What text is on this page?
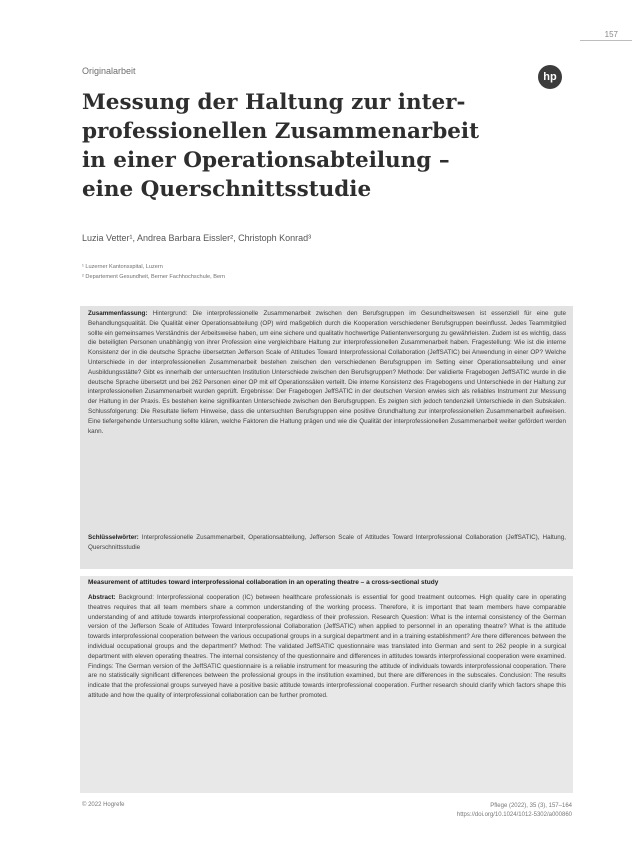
157
Originalarbeit	hp
Messung der Haltung zur inter-
professionellen Zusammenarbeit
in einer Operationsabteilung –
eine Querschnittsstudie
Luzia Vetter¹, Andrea Barbara Eissler², Christoph Konrad³
¹ Luzerner Kantonsspital, Luzern
² Departement Gesundheit, Berner Fachhochschule, Bern

Zusammenfassung: Hintergrund: Die interprofessionelle Zusammenarbeit zwischen den Berufsgruppen im Gesundheitswesen ist essenziell für eine gute Behandlungsqualität. Die Qualität einer Operationsabteilung (OP) wird maßgeblich durch die Kooperation verschiedener Berufsgruppen beeinflusst. Jedes Teammitglied sollte ein gemeinsames Verständnis der Arbeitsweise haben, um eine sichere und qualitativ hochwertige Patientenversorgung zu gewährleisten. Zudem ist es wichtig, dass die beteiligten Personen unabhängig von ihrer Profession eine vergleichbare Haltung zur interprofessionellen Zusammenarbeit haben. Fragestellung: Wie ist die interne Konsistenz der in die deutsche Sprache übersetzten Jefferson Scale of Attitudes Toward Interprofessional Collaboration (JeffSATIC) bei Anwendung in einer OP? Welche Unterschiede in der interprofessionellen Zusammenarbeit bestehen zwischen den verschiedenen Berufsgruppen im Setting einer Operationsabteilung und einer Ausbildungsstätte? Gibt es innerhalb der untersuchten Institution Unterschiede zwischen den Berufsgruppen? Methode: Der validierte Fragebogen JeffSATIC wurde in die deutsche Sprache übersetzt und bei 262 Personen einer OP mit elf Operationssälen verteilt. Die interne Konsistenz des Fragebogens und Unterschiede in der Haltung zur interprofessionellen Zusammenarbeit wurden geprüft. Ergebnisse: Der Fragebogen JeffSATIC in der deutschen Version erwies sich als reliables Instrument zur Messung der Haltung in der Praxis. Es bestehen keine signifikanten Unterschiede zwischen den Berufsgruppen. Es zeigten sich jedoch tendenziell Unterschiede in den Subskalen. Schlussfolgerung: Die Resultate liefern Hinweise, dass die untersuchten Berufsgruppen eine positive Grundhaltung zur interprofessionellen Zusammenarbeit aufweisen. Eine tiefergehende Untersuchung sollte klären, welche Faktoren die Haltung prägen und wie die Qualität der interprofessionellen Zusammenarbeit weiter gefördert werden kann.

Schlüsselwörter: Interprofessionelle Zusammenarbeit, Operationsabteilung, Jefferson Scale of Attitudes Toward Interprofessional Collaboration (JeffSATIC), Haltung, Querschnittsstudie

Measurement of attitudes toward interprofessional collaboration in an operating theatre – a cross-sectional study

Abstract: Background: Interprofessional cooperation (IC) between healthcare professionals is essential for good treatment outcomes. High quality care in operating theatres requires that all team members share a common understanding of the working process. Therefore, it is important that team members have comparable understanding of and attitude towards interprofessional cooperation, regardless of their profession. Research Question: What is the internal consistency of the German version of the Jefferson Scale of Attitudes Toward Interprofessional Collaboration (JeffSATIC) when applied to personnel in an operating theatre? What is the attitude towards interprofessional cooperation between the various occupational groups in a surgical department and in a training establishment? Are there differences between the individual occupational groups and the department? Method: The validated JeffSATIC questionnaire was translated into German and sent to 262 people in a surgical department with eleven operating theatres. The internal consistency of the questionnaire and differences in attitudes towards interprofessional cooperation were examined. Findings: The German version of the JeffSATIC questionnaire is a reliable instrument for measuring the attitude of individuals towards interprofessional cooperation. There are no statistically significant differences between the professional groups in the institution examined, but there are differences in the subscales. Conclusion: The results indicate that the professional groups surveyed have a positive basic attitude towards interprofessional cooperation. Further research should clarify which factors shape this attitude and how the quality of interprofessional collaboration can be further promoted.

© 2022 Hogrefe	Pflege (2022), 35 (3), 157–164
https://doi.org/10.1024/1012-5302/a000860
